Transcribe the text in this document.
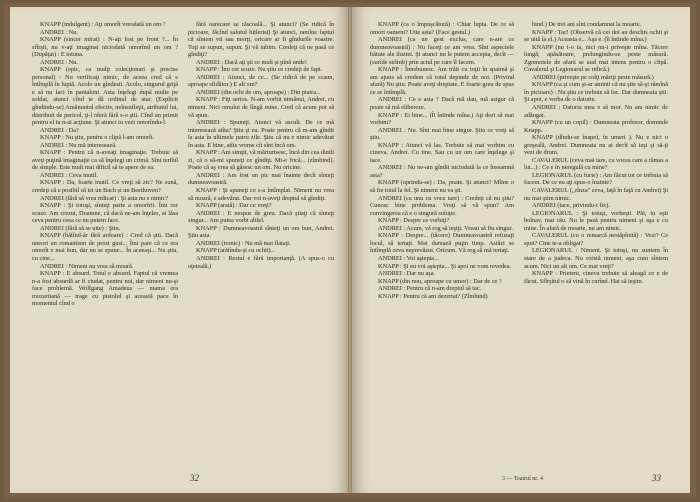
KNAPP (indulgent) : Aţi omorît vreodată un om ?

ANDREI : Nu.

KNAPP (sincer mirat) : N-aţi fost pe front ?... În sfîrşit, nu v-aţi imaginat niciodată omorînd un om ? (Dupăţat) : E totuna.

ANDREI : Nu.

KNAPP (epic, ca mulţi colecţionari şi precise personal) : Nu verificaţi nimic, de aceea cred că e întîmplă în luptă. Acolo un gîndesti. Acolo, singurul grijă e să nu faci în pantaloni. Asta înţelegi după multe pe soldat, atunci cînd te dă ordinul de atac (Explicit gîndindu-se) Amănuntul efectiv, neînsufleţit, atributul lui, distribuit de pericol, ţi-l oferă fără s-o ştii. Cînd un primit pentru el tu n-ai acţiune. Şi atunci tu vezi omorîndu-l.

ANDREI : Da?

KNAPP : Nu ştiu, pentru o clipă l-am omorît.

ANDREI : Nu mă interesează.

KNAPP : Pentru că n-aveaţi imaginaţie. Trebuie să aveţi puţină imaginaţie ca să înţelegi un crimă. Sînt teribil de simple. Este mult mai dificil să te apere de ea.

ANDREI : Ceva inutil.

KNAPP : Da, foarte inutil. Ce vreţi să zic? Ne sună, credeţi că e posibil să iei un Bach și un Beethoven?

ANDREI (fără să vrea ridicat) : Şi asta nu e nimic?

KNAPP : Şi totuşi, sînteţi parte a omorîrii. Îmi cer scuze. Am crezut, Doamne, că dacă ne-am înţeles, ai lăsa ceva pentru ceea ce nu putem face.

ANDREI (fără să se uite) : Ştiu.

KNAPP (bătînd-ăr fără ardoare) : Cred că ştii. Dacă uneori un romantism de prost gust... Îmi pare că ce era omorît e mai bun, dar nu se spune... În aceeaşi... Nu ştiu, cu cine...

ANDREI : Nimeni nu vrea să moară.

KNAPP : E absurd. Totul e absurd. Faptul că vremea n-a fost absurdă ar fi ciudat, pentru noi, dar nimeni nu-şi face problemă. Wolfgang Amadeus — mama era mozartiană — trage cu pistolul şi această pace în momentul cînd o

fără oarecare se răscoală... Şi atunci? (Se ridică în picioare, făcînd salutul hitlerist) Şi atunci, ramîne faptul că sîntem vii sau morţi, oricare ar fi gîndurile voastre. Toţi se supun, supun. Şi vă iubim. Credeţi că ne pasă ce gîndiţi?

ANDREI : Dacă aţi şti ce mult şi pînă unde!

KNAPP : Îmi cer scuze. Nu ştiu ce credeţi de fapt.

ANDREI : Atunci, de ce... (Se ridică de pe scaun, aproape sfidător.) E alt om?

ANDREI (din ochi de om, aproape) : Din piatra...

KNAPP : Fiţi serios. N-am vorbit nimănui, Andrei, cu nimeni. Nici omului de lîngă mine. Cred că acum pot să vă spun.

ANDREI : Spuneţi. Atunci vă ascult. De ce mă interesează atîta? Ştiu şi eu. Poate pentru că m-am gîndit la asta în ultimele patru zile. Ştiu că nu e nimic adevărat în asta. E bine, atîta vreme cît sînt încă om.

KNAPP : Am simţit, vă mărturisesc, încă din cea dintîi zi, că o să-mi spuneţi ce gîndiţi. Mi-e frică... (zîmbind). Poate că aş vrea să găsesc un om. Nu oricine.

ANDREI : Am fost un pic mai înainte decît sînteţi dumneavoastră.

KNAPP : Şi spuneţi ce s-a întîmplat. Nimeni nu vrea să moară, e adevărat. Dar voi n-aveţi dreptul să gîndiţi.

KNAPP (arată) : Dar ce vreţi?

ANDREI : E nespus de greu. Dacă ştiaţi că sînteţi singur... Am putea vorbi altfel.

KNAPP : Dumneavoastră sînteţi un om bun, Andrei. Ştiu asta.

ANDREI (ironic) : Nu mă mai flataţi.

KNAPP (arătîndu-şi cu ochii)...

ANDREI : Restul e fără importanţă. (A spus-o cu oţeteală.)

32

KNAPP (ca o împuşcătură) : Chiar lupta. De ce să omori oameni? Uite asta? (Face gestul.)

ANDREI (ca un gest exclus, care n-are ce dumneavoastră) : Nu faceţi ce am vrea. Sînt aspectele bătute ale iluziei. Şi atunci nu le putem accepta, decît — (surîde strîmb) prin actul pe care îl facem.

KNAPP : Înnebunesc. Am trăit cu toţii în spaimă şi am ajuns să credem că totul depinde de noi. (Privind afară) Nu ştiu. Poate aveţi dreptate. E foarte greu de spus ce se întîmplă.

ANDREI : Ce e asta ? Dacă mă dau, mă asigur că poate să mă elibereze.

KNAPP : Ei bine... (Îi întinde mîna.) Aţi dori să mai vorbim?

ANDREI : Nu. Sînt mai bine singur. Ştiu ce vreţi să ştiu.

KNAPP : Atunci vă las. Trebuie să mai vorbim cu cineva, Andrei. Cu tine. Sau cu un om care înţelege şi tace.

ANDREI : Nu ne-am gîndit niciodată la ce înseamnă asta?

KNAPP (oprindu-se) : Da, poate. Şi atunci? Mîine o să fie totul la fel. Şi nimeni nu va şti.

ANDREI (ca unu cu voce tare) : Credeţi că nu ştiu? Cunosc bine problema. Vreţi să vă spun? Am convingerea că e o singură soluţie.

KNAPP : Despre ce vorbiţi?

ANDREI : Acum, vă rog să ieşiţi. Vreau să fiu singur.

KNAPP : Despre... (tăcere) Dumneavoastră refuzaţi locul, să iertaţi. Mai durează puţin timp. Astăzi se întîmplă ceva neprevăzut. Oricum. Vă rog să mă iertaţi.

ANDREI : Voi aştepta...

KNAPP : Şi eu voi aştepta... Şi apoi ne vom revedea.

ANDREI : Dar nu aşa.

KNAPP (din nou, aproape cu umor) : Dar de ce ?

ANDREI : Pentru că n-am dreptul să tac.

KNAPP : Pentru că am dezertat? (Zîmbind)

bind.) De trei ani sînt condamnat la moarte.

KNAPP : Tac! (Observă că cei doi au deschis ochii şi se uită la el.) Aceasta e... Aşa e. (îi întinde mîna.)

KNAPP (nu i-o ia, nici nu-i priveşte mîna. Tăcere lungă, apăsătoare, prelungindu-se peste măsură. Zgomotele de afară se aud mai intens pentru o clipă. Cavalerul şi Legionarul se ridică.)

ANDREI (priveşte pe colţi măriţi peste măsură.)

KNAPP (ca şi cum şi-ar aminti că nu ştie să-şi rămînă în picioare) : Nu ştiu ce trebuie să fac. Dar dumneata ştii. Şi apoi, e vorba de o datorie.

ANDREI : Datoria mea e să mor. Nu am nimic de adăugat.

KNAPP (cu un copil) : Dumneata profesor, domnule Knapp.

KNAPP (dîndu-se înapoi, în umeri ). Nu e nici o greşeală, Andrei. Dumneata nu ai decît să ieşi şi să-ţi vezi de drum.

CAVALERUL (ceva mai tare, cu vocea care a rămas a lui...) : Ce e în neregulă cu mine?

LEGIONARUL (cu furie) : Am făcut tot ce trebuia să facem. De ce nu aţi spus-o înainte?

CAVALERUL (,,rînza" ceva, faţă în faţă cu Andrei) Şi nu mai ştim nimic.

ANDREI (tace, privindu-i fix).

LEGIONARUL : Şi totuşi, vorbeşti. Păi, tu eşti bolnav, mai rău. Nu le pasă pentru nimeni şi aşa e cu mine. În afară de moarte, nu am nimic.

CAVALERUL (cu o remarcă nestăpînită) : Vezi? Ce spui? Cine te-a obligat?

LEGIONARUL : Nimeni. Şi totuşi, nu suntem în stare de a judeca. Nu există nimeni, aşa cum sîntem acum. Nici un alt om. Ce mai vreţi?

KNAPP : Prieteni, cineva trebuie să aleagă ce e de făcut. Sfîrşitul o să vină în curînd. Hai să ieşim.

3 — Teatrul nr. 4	33
